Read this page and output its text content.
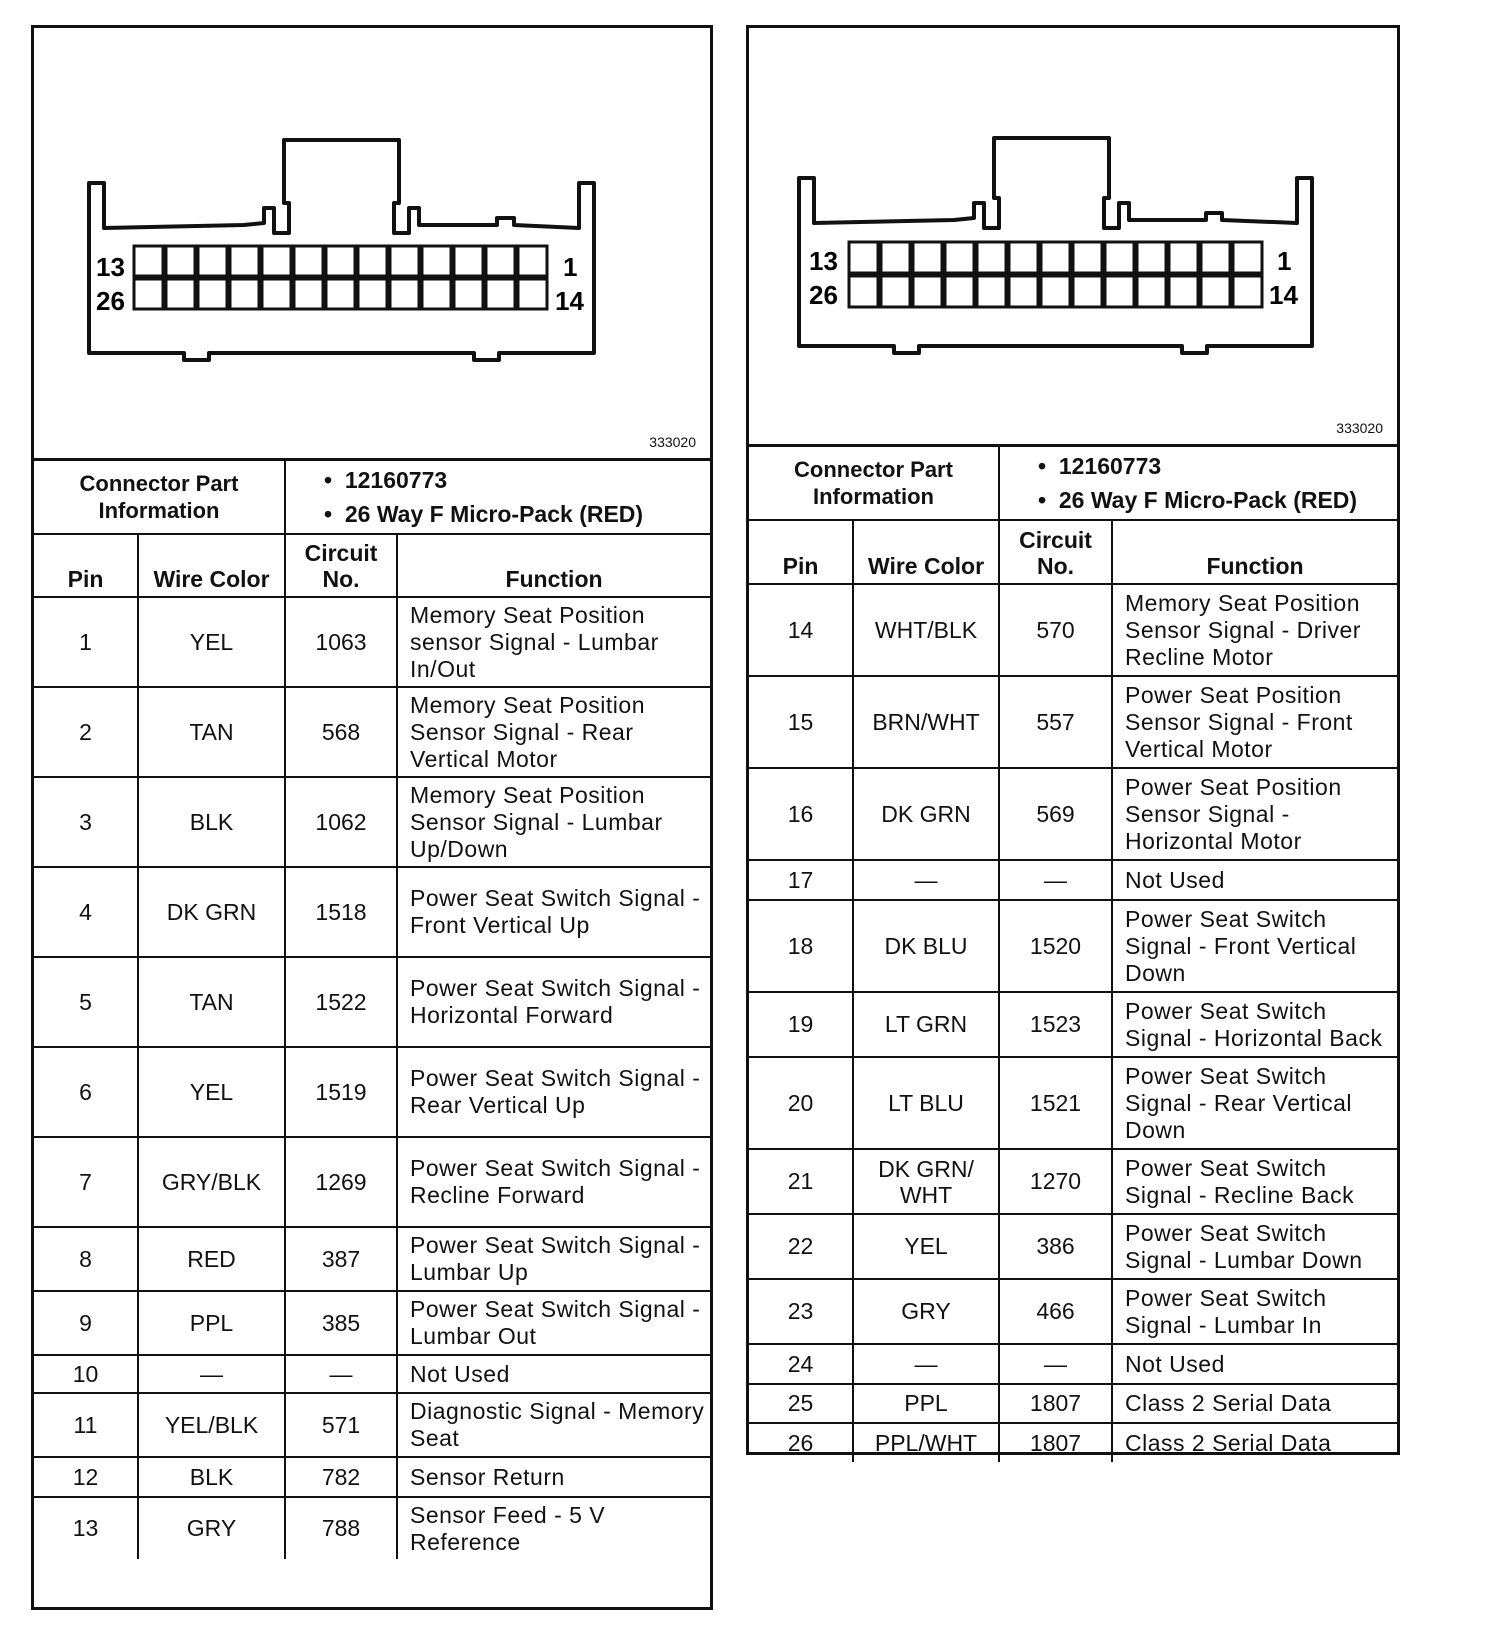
13
26
1
14
333020
Connector Part Information	
•  12160773
•  26 Way F Micro-Pack (RED)
Pin	Wire Color	Circuit No.	Function
1	YEL	1063	Memory Seat Position sensor Signal - Lumbar In/Out
2	TAN	568	Memory Seat Position Sensor Signal - Rear Vertical Motor
3	BLK	1062	Memory Seat Position Sensor Signal - Lumbar Up/Down
4	DK GRN	1518	Power Seat Switch Signal - Front Vertical Up
5	TAN	1522	Power Seat Switch Signal - Horizontal Forward
6	YEL	1519	Power Seat Switch Signal - Rear Vertical Up
7	GRY/BLK	1269	Power Seat Switch Signal - Recline Forward
8	RED	387	Power Seat Switch Signal - Lumbar Up
9	PPL	385	Power Seat Switch Signal - Lumbar Out
10	—	—	Not Used
11	YEL/BLK	571	Diagnostic Signal - Memory Seat
12	BLK	782	Sensor Return
13	GRY	788	Sensor Feed - 5 V Reference
13
26
1
14
333020
Connector Part Information	
•  12160773
•  26 Way F Micro-Pack (RED)
Pin	Wire Color	Circuit No.	Function
14	WHT/BLK	570	Memory Seat Position Sensor Signal - Driver Recline Motor
15	BRN/WHT	557	Power Seat Position Sensor Signal - Front Vertical Motor
16	DK GRN	569	Power Seat Position Sensor Signal - Horizontal Motor
17	—	—	Not Used
18	DK BLU	1520	Power Seat Switch Signal - Front Vertical Down
19	LT GRN	1523	Power Seat Switch Signal - Horizontal Back
20	LT BLU	1521	Power Seat Switch Signal - Rear Vertical Down
21	DK GRN/ WHT	1270	Power Seat Switch Signal - Recline Back
22	YEL	386	Power Seat Switch Signal - Lumbar Down
23	GRY	466	Power Seat Switch Signal - Lumbar In
24	—	—	Not Used
25	PPL	1807	Class 2 Serial Data
26	PPL/WHT	1807	Class 2 Serial Data
